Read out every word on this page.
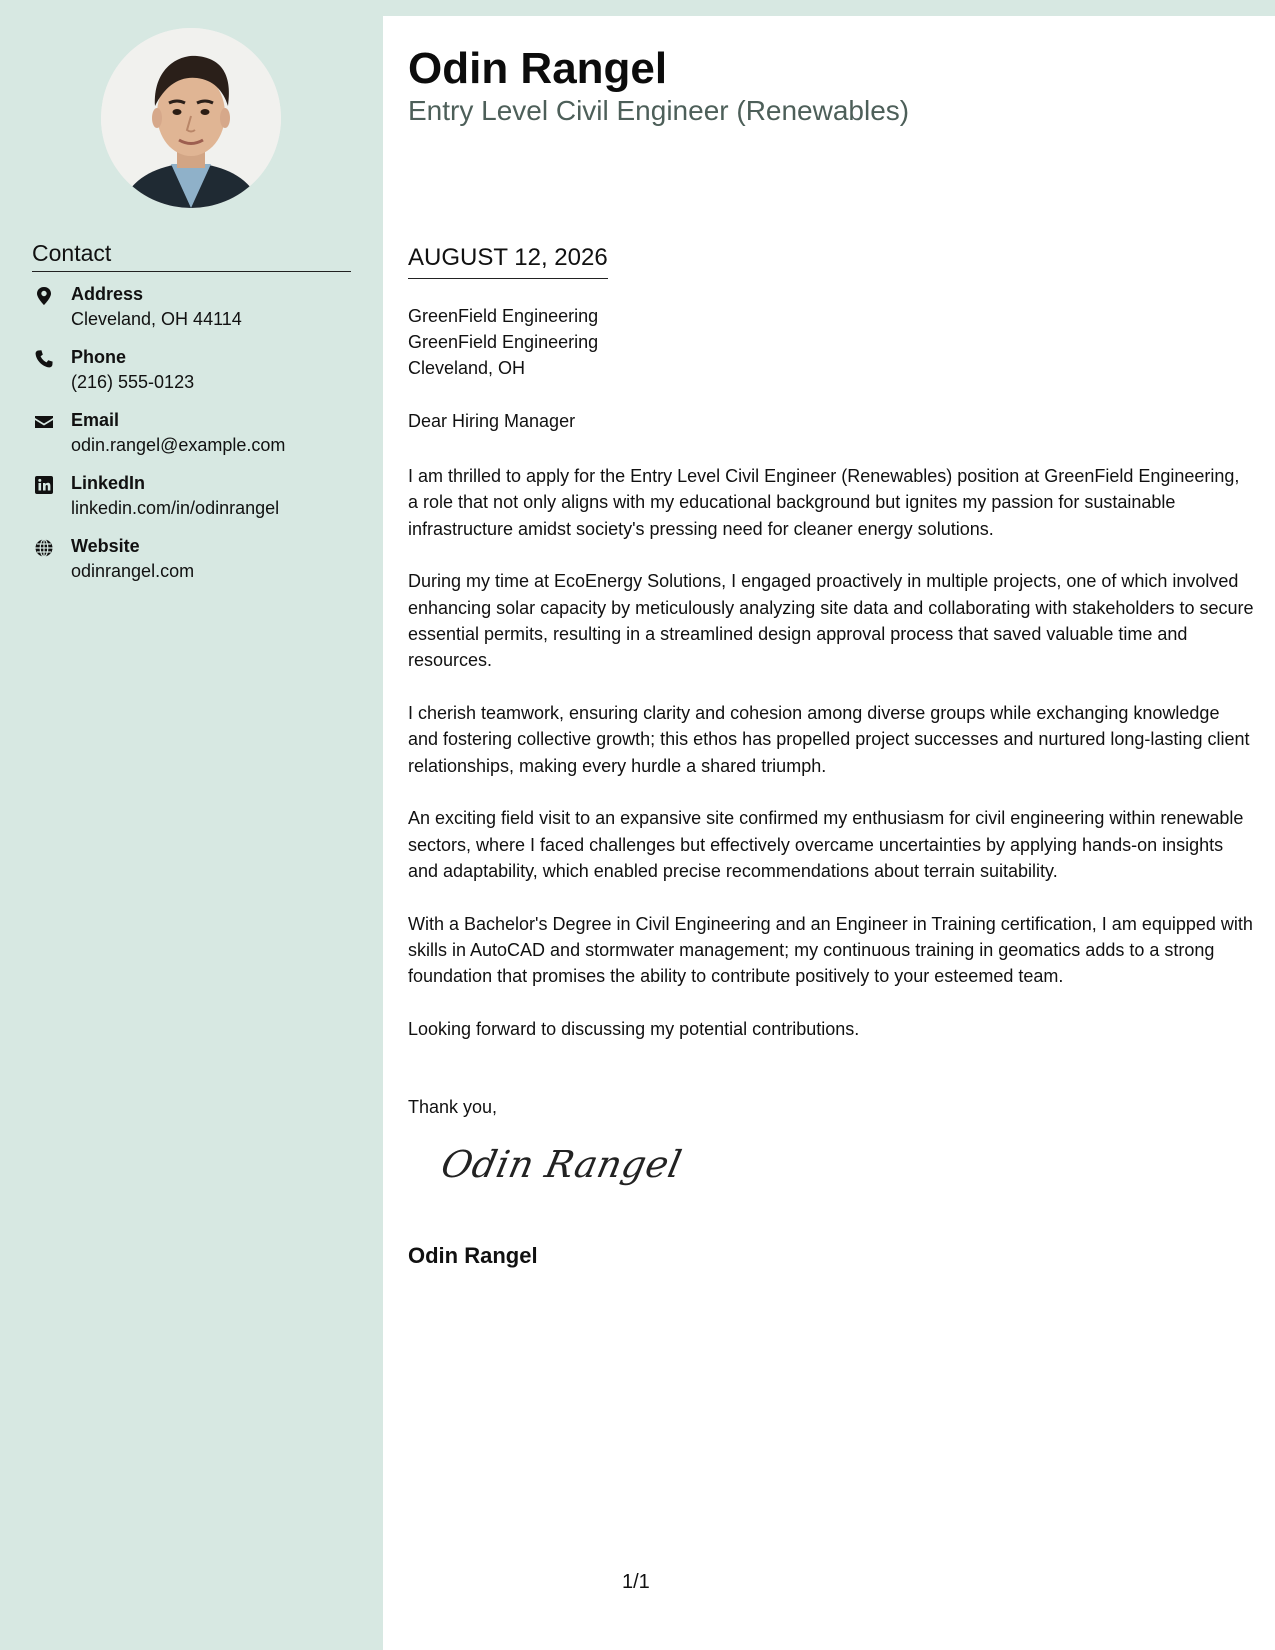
Contact
Address
Cleveland, OH 44114
Phone
(216) 555-0123
Email
odin.rangel@example.com
LinkedIn
linkedin.com/in/odinrangel
Website
odinrangel.com
Odin Rangel
Entry Level Civil Engineer (Renewables)
AUGUST 12, 2026
GreenField Engineering
GreenField Engineering
Cleveland, OH
Dear Hiring Manager

I am thrilled to apply for the Entry Level Civil Engineer (Renewables) position at GreenField Engineering, a role that not only aligns with my educational background but ignites my passion for sustainable infrastructure amidst society's pressing need for cleaner energy solutions.

During my time at EcoEnergy Solutions, I engaged proactively in multiple projects, one of which involved enhancing solar capacity by meticulously analyzing site data and collaborating with stakeholders to secure essential permits, resulting in a streamlined design approval process that saved valuable time and resources.

I cherish teamwork, ensuring clarity and cohesion among diverse groups while exchanging knowledge and fostering collective growth; this ethos has propelled project successes and nurtured long-lasting client relationships, making every hurdle a shared triumph.

An exciting field visit to an expansive site confirmed my enthusiasm for civil engineering within renewable sectors, where I faced challenges but effectively overcame uncertainties by applying hands-on insights and adaptability, which enabled precise recommendations about terrain suitability.

With a Bachelor's Degree in Civil Engineering and an Engineer in Training certification, I am equipped with skills in AutoCAD and stormwater management; my continuous training in geomatics adds to a strong foundation that promises the ability to contribute positively to your esteemed team.

Looking forward to discussing my potential contributions.

Thank you,
Odin Rangel
Odin Rangel
1/1
